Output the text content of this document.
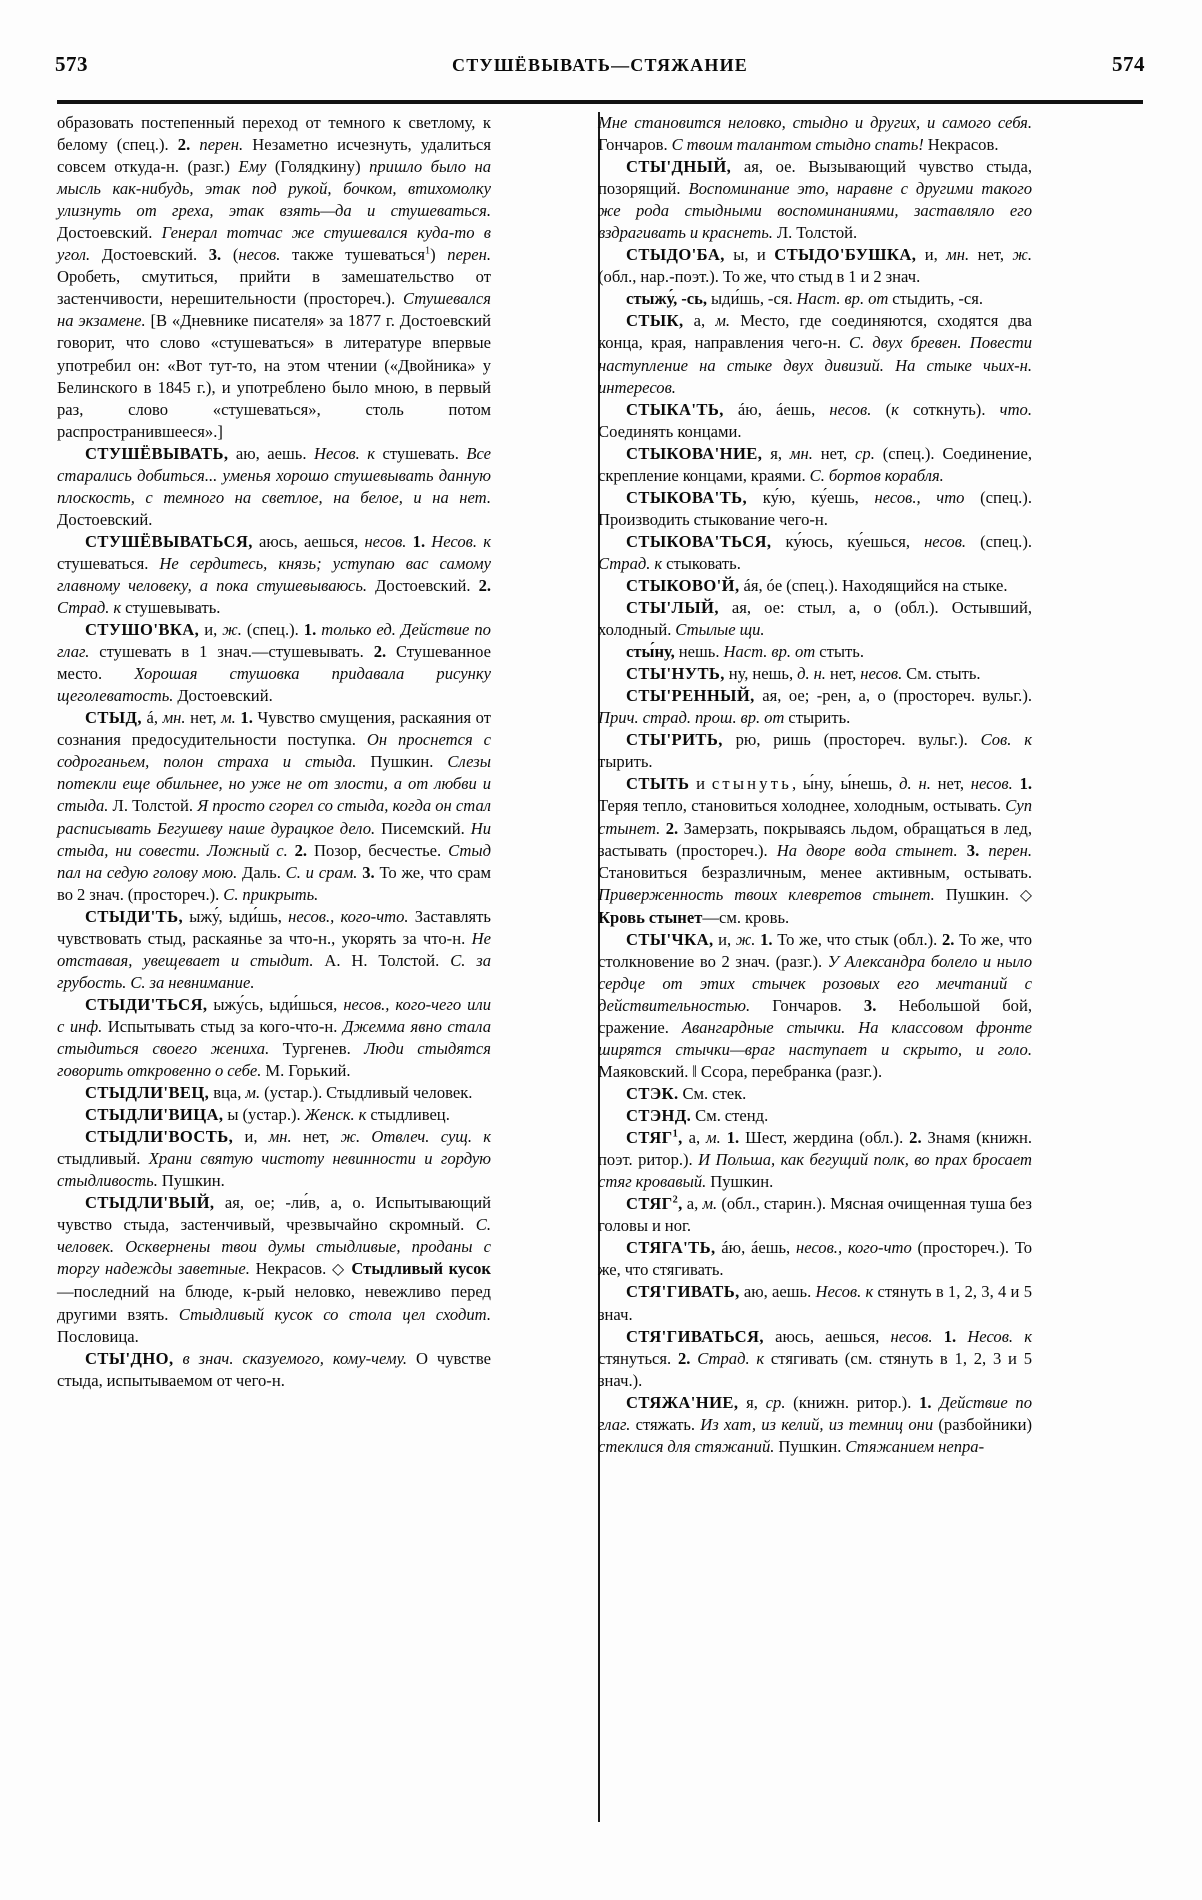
573	СТУШЁВЫВАТЬ—СТЯЖАНИЕ	574

образовать постепенный переход от темного к светлому, к белому (спец.). 2. перен. Незаметно исчезнуть, удалиться совсем откуда-н. (разг.) Ему (Голядкину) пришло было на мысль как-нибудь, этак под рукой, бочком, втихомолку улизнуть от греха, этак взять—да и стушеваться. Достоевский. Генерал тотчас же стушевался куда-то в угол. Достоевский. 3. (несов. также тушеваться$^1$) перен. Оробеть, смутиться, прийти в замешательство от застенчивости, нерешительности (простореч.). Стушевался на экзамене. [В «Дневнике писателя» за 1877 г. Достоевский говорит, что слово «стушеваться» в литературе впервые употребил он: «Вот тут-то, на этом чтении («Двойника» у Белинского в 1845 г.), и употреблено было мною, в первый раз, слово «стушеваться», столь потом распространившееся».]

СТУШЁВЫВАТЬ, аю, аешь. Несов. к стушевать. Все старались добиться... уменья хорошо стушевывать данную плоскость, с темного на светлое, на белое, и на нет. Достоевский.

СТУШЁВЫВАТЬСЯ, аюсь, аешься, несов. 1. Несов. к стушеваться. Не сердитесь, князь; уступаю вас самому главному человеку, а пока стушевываюсь. Достоевский. 2. Страд. к стушевывать.

СТУШО'ВКА, и, ж. (спец.). 1. только ед. Действие по глаг. стушевать в 1 знач.—стушевывать. 2. Стушеванное место. Хорошая стушовка придавала рисунку щеголеватость. Достоевский.

СТЫД, á, мн. нет, м. 1. Чувство смущения, раскаяния от сознания предосудительности поступка. Он проснется с содроганьем, полон страха и стыда. Пушкин. Слезы потекли еще обильнее, но уже не от злости, а от любви и стыда. Л. Толстой. Я просто сгорел со стыда, когда он стал расписывать Бегушеву наше дурацкое дело. Писемский. Ни стыда, ни совести. Ложный с. 2. Позор, бесчестье. Стыд пал на седую голову мою. Даль. С. и срам. 3. То же, что срам во 2 знач. (простореч.). С. прикрыть.

СТЫДИ'ТЬ, ыжу́, ыди́шь, несов., кого-что. Заставлять чувствовать стыд, раскаянье за что-н., укорять за что-н. Не отставая, увещевает и стыдит. А. Н. Толстой. С. за грубость. С. за невнимание.

СТЫДИ'ТЬСЯ, ыжу́сь, ыди́шься, несов., кого-чего или с инф. Испытывать стыд за кого-что-н. Джемма явно стала стыдиться своего жениха. Тургенев. Люди стыдятся говорить откровенно о себе. М. Горький.

СТЫДЛИ'ВЕЦ, вца, м. (устар.). Стыдливый человек.

СТЫДЛИ'ВИЦА, ы (устар.). Женск. к стыдливец.

СТЫДЛИ'ВОСТЬ, и, мн. нет, ж. Отвлеч. сущ. к стыдливый. Храни святую чистоту невинности и гордую стыдливость. Пушкин.

СТЫДЛИ'ВЫЙ, ая, ое; -ли́в, а, о. Испытывающий чувство стыда, застенчивый, чрезвычайно скромный. С. человек. Осквернены твои думы стыдливые, проданы с торгу надежды заветные. Некрасов. ◇ Стыдливый кусок—последний на блюде, к-рый неловко, невежливо перед другими взять. Стыдливый кусок со стола цел сходит. Пословица.

СТЫ'ДНО, в знач. сказуемого, кому-чему. О чувстве стыда, испытываемом от чего-н.

Мне становится неловко, стыдно и других, и самого себя. Гончаров. С твоим талантом стыдно спать! Некрасов.

СТЫ'ДНЫЙ, ая, ое. Вызывающий чувство стыда, позорящий. Воспоминание это, наравне с другими такого же рода стыдными воспоминаниями, заставляло его вздрагивать и краснеть. Л. Толстой.

СТЫДО'БА, ы, и СТЫДО'БУШКА, и, мн. нет, ж. (обл., нар.-поэт.). То же, что стыд в 1 и 2 знач.

стыжу́, -сь, ыди́шь, -ся. Наст. вр. от стыдить, -ся.

СТЫК, а, м. Место, где соединяются, сходятся два конца, края, направления чего-н. С. двух бревен. Повести наступление на стыке двух дивизий. На стыке чьих-н. интересов.

СТЫКА'ТЬ, áю, áешь, несов. (к соткнуть). что. Соединять концами.

СТЫКОВА'НИЕ, я, мн. нет, ср. (спец.). Соединение, скрепление концами, краями. С. бортов корабля.

СТЫКОВА'ТЬ, ку́ю, ку́ешь, несов., что (спец.). Производить стыкование чего-н.

СТЫКОВА'ТЬСЯ, ку́юсь, ку́ешься, несов. (спец.). Страд. к стыковать.

СТЫКОВО'Й, áя, óе (спец.). Находящийся на стыке.

СТЫ'ЛЫЙ, ая, ое: стыл, а, о (обл.). Остывший, холодный. Стылые щи.

сты́ну, нешь. Наст. вр. от стыть.

СТЫ'НУТЬ, ну, нешь, д. н. нет, несов. См. стыть.

СТЫ'РЕННЫЙ, ая, ое; -рен, а, о (простореч. вульг.). Прич. страд. прош. вр. от стырить.

СТЫ'РИТЬ, рю, ришь (простореч. вульг.). Сов. к тырить.

СТЫТЬ и стынуть, ы́ну, ы́нешь, д. н. нет, несов. 1. Теряя тепло, становиться холоднее, холодным, остывать. Суп стынет. 2. Замерзать, покрываясь льдом, обращаться в лед, застывать (простореч.). На дворе вода стынет. 3. перен. Становиться безразличным, менее активным, остывать. Приверженность твоих клевретов стынет. Пушкин. ◇ Кровь стынет—см. кровь.

СТЫ'ЧКА, и, ж. 1. То же, что стык (обл.). 2. То же, что столкновение во 2 знач. (разг.). У Александра болело и ныло сердце от этих стычек розовых его мечтаний с действительностью. Гончаров. 3. Небольшой бой, сражение. Авангардные стычки. На классовом фронте ширятся стычки—враг наступает и скрыто, и голо. Маяковский. ‖ Ссора, перебранка (разг.).

СТЭК. См. стек.

СТЭНД. См. стенд.

СТЯГ$^1$, а, м. 1. Шест, жердина (обл.). 2. Знамя (книжн. поэт. ритор.). И Польша, как бегущий полк, во прах бросает стяг кровавый. Пушкин.

СТЯГ$^2$, а, м. (обл., старин.). Мясная очищенная туша без головы и ног.

СТЯГА'ТЬ, áю, áешь, несов., кого-что (простореч.). То же, что стягивать.

СТЯ'ГИВАТЬ, аю, аешь. Несов. к стянуть в 1, 2, 3, 4 и 5 знач.

СТЯ'ГИВАТЬСЯ, аюсь, аешься, несов. 1. Несов. к стянуться. 2. Страд. к стягивать (см. стянуть в 1, 2, 3 и 5 знач.).

СТЯЖА'НИЕ, я, ср. (книжн. ритор.). 1. Действие по глаг. стяжать. Из хат, из келий, из темниц они (разбойники) стеклися для стяжаний. Пушкин. Стяжанием непра-
